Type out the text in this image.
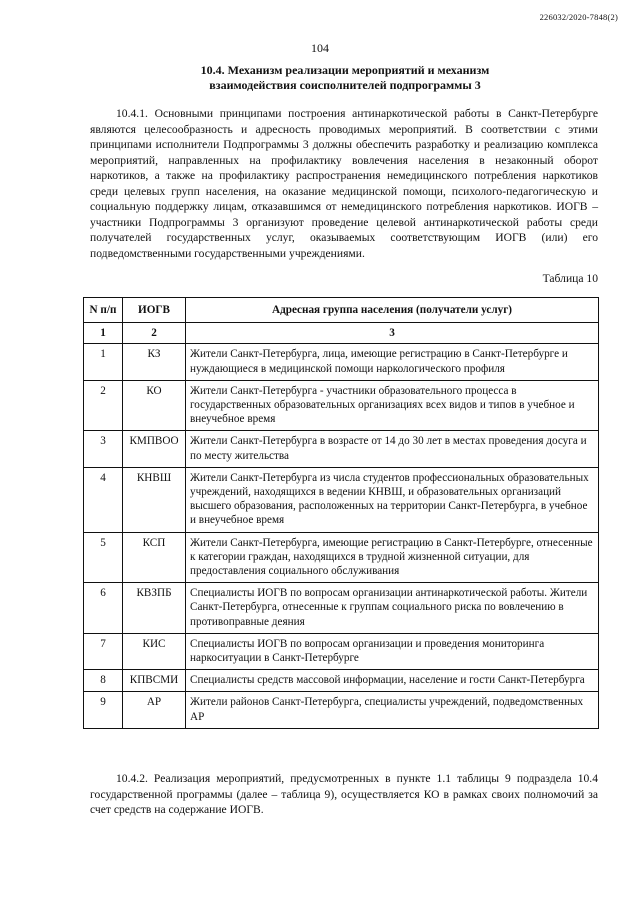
226032/2020-7848(2)
104
10.4. Механизм реализации мероприятий и механизм
взаимодействия соисполнителей подпрограммы 3

10.4.1. Основными принципами построения антинаркотической работы в Санкт-Петербурге являются целесообразность и адресность проводимых мероприятий. В соответствии с этими принципами исполнители Подпрограммы 3 должны обеспечить разработку и реализацию комплекса мероприятий, направленных на профилактику вовлечения населения в незаконный оборот наркотиков, а также на профилактику распространения немедицинского потребления наркотиков среди целевых групп населения, на оказание медицинской помощи, психолого-педагогическую и социальную поддержку лицам, отказавшимся от немедицинского потребления наркотиков. ИОГВ – участники Подпрограммы 3 организуют проведение целевой антинаркотической работы среди получателей государственных услуг, оказываемых соответствующим ИОГВ (или) его подведомственными государственными учреждениями.

Таблица 10
N п/п	ИОГВ	Адресная группа населения (получатели услуг)
1	2	3
1	КЗ	Жители Санкт-Петербурга, лица, имеющие регистрацию в Санкт-Петербурге и нуждающиеся в медицинской помощи наркологического профиля
2	КО	Жители Санкт-Петербурга - участники образовательного процесса в государственных образовательных организациях всех видов и типов в учебное и внеучебное время
3	КМПВОО	Жители Санкт-Петербурга в возрасте от 14 до 30 лет в местах проведения досуга и по месту жительства
4	КНВШ	Жители Санкт-Петербурга из числа студентов профессиональных образовательных учреждений, находящихся в ведении КНВШ, и образовательных организаций высшего образования, расположенных на территории Санкт-Петербурга, в учебное и внеучебное время
5	КСП	Жители Санкт-Петербурга, имеющие регистрацию в Санкт-Петербурге, отнесенные к категории граждан, находящихся в трудной жизненной ситуации, для предоставления социального обслуживания
6	КВЗПБ	Специалисты ИОГВ по вопросам организации антинаркотической работы. Жители Санкт-Петербурга, отнесенные к группам социального риска по вовлечению в противоправные деяния
7	КИС	Специалисты ИОГВ по вопросам организации и проведения мониторинга наркоситуации в Санкт-Петербурге
8	КПВСМИ	Специалисты средств массовой информации, население и гости Санкт-Петербурга
9	АР	Жители районов Санкт-Петербурга, специалисты учреждений, подведомственных АР

10.4.2. Реализация мероприятий, предусмотренных в пункте 1.1 таблицы 9 подраздела 10.4 государственной программы (далее – таблица 9), осуществляется КО в рамках своих полномочий за счет средств на содержание ИОГВ.
